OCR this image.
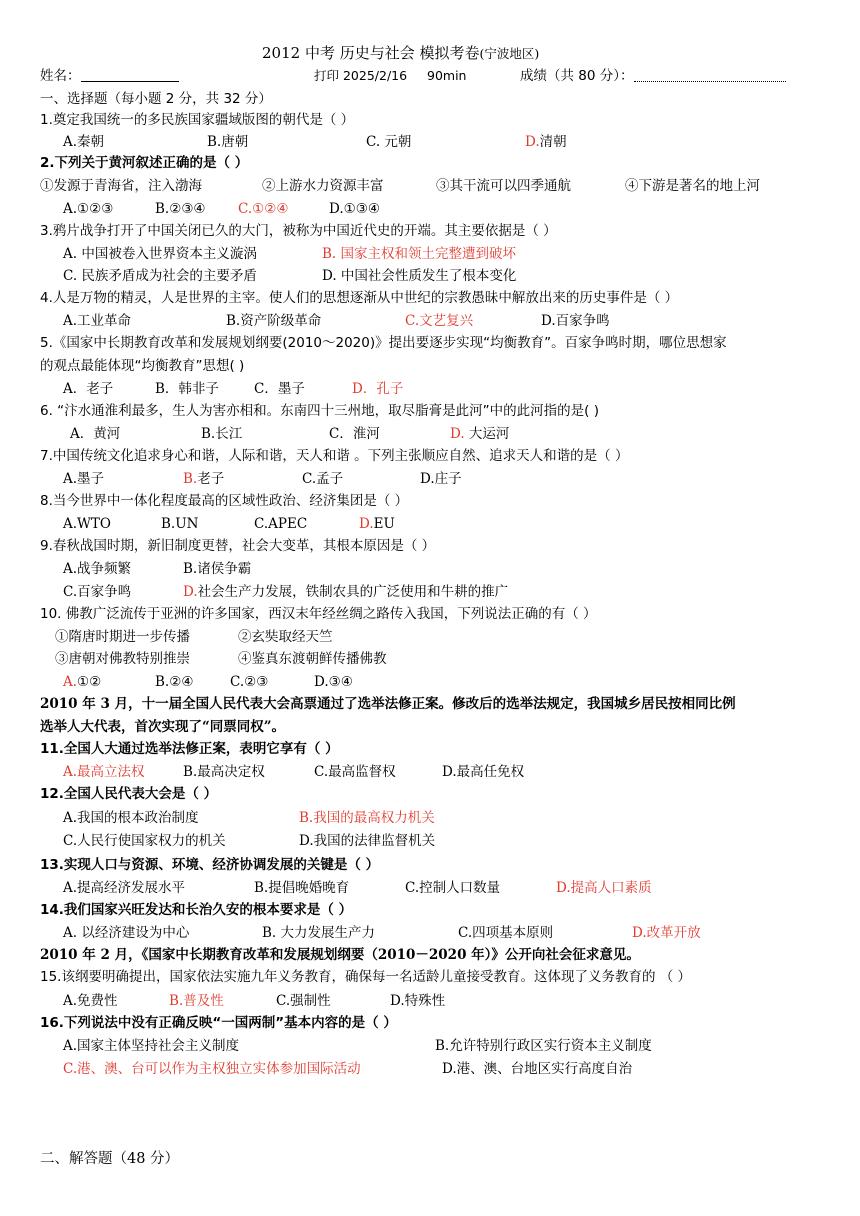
2012 中考 历史与社会 模拟考卷(宁波地区)
姓名：	打印 2025/2/16 90min	成绩（共 80 分）：
一、选择题（每小题 2 分，共 32 分）
1.奠定我国统一的多民族国家疆域版图的朝代是（ ）
A.秦朝	B.唐朝	C. 元朝	D.清朝
2.下列关于黄河叙述正确的是（ ）
①发源于青海省，注入渤海	②上游水力资源丰富	③其干流可以四季通航	④下游是著名的地上河
A.①②③	B.②③④ C.①②④	D.①③④
3.鸦片战争打开了中国关闭已久的大门，被称为中国近代史的开端。其主要依据是（ ）
A. 中国被卷入世界资本主义漩涡	B. 国家主权和领土完整遭到破坏
C. 民族矛盾成为社会的主要矛盾	D. 中国社会性质发生了根本变化
4.人是万物的精灵，人是世界的主宰。使人们的思想逐渐从中世纪的宗教愚昧中解放出来的历史事件是（ ）
A.工业革命	B.资产阶级革命	C.文艺复兴	D.百家争鸣
5.《国家中长期教育改革和发展规划纲要(2010～2020)》提出要逐步实现“均衡教育”。百家争鸣时期，哪位思想家
的观点最能体现“均衡教育”思想( )
A．老子	B．韩非子	C．墨子	D．孔子
6. “汴水通淮利最多，生人为害亦相和。东南四十三州地，取尽脂膏是此河”中的此河指的是( )
A．黄河	B.长江	C．淮河	D. 大运河
7.中国传统文化追求身心和谐，人际和谐，天人和谐 。下列主张顺应自然、追求天人和谐的是（ ）
A.墨子	B.老子	C.孟子	D.庄子
8.当今世界中一体化程度最高的区域性政治、经济集团是（ ）
A.WTO	B.UN	C.APEC	D.EU
9.春秋战国时期，新旧制度更替，社会大变革，其根本原因是（ ）
A.战争频繁	B.诸侯争霸
C.百家争鸣	D.社会生产力发展，铁制农具的广泛使用和牛耕的推广
10. 佛教广泛流传于亚洲的许多国家，西汉末年经丝绸之路传入我国，下列说法正确的有（ ）
①隋唐时期进一步传播	②玄奘取经天竺
③唐朝对佛教特别推崇	④鉴真东渡朝鲜传播佛教
A.①②	B.②④	C.②③	D.③④
2010 年 3 月，十一届全国人民代表大会高票通过了选举法修正案。修改后的选举法规定，我国城乡居民按相同比例
选举人大代表，首次实现了“同票同权”。
11.全国人大通过选举法修正案，表明它享有（ ）
A.最高立法权	B.最高决定权	C.最高监督权	D.最高任免权
12.全国人民代表大会是（ ）
A.我国的根本政治制度	B.我国的最高权力机关
C.人民行使国家权力的机关	D.我国的法律监督机关
13.实现人口与资源、环境、经济协调发展的关键是（ ）
A.提高经济发展水平	B.提倡晚婚晚育	C.控制人口数量	D.提高人口素质
14.我们国家兴旺发达和长治久安的根本要求是（ ）
A. 以经济建设为中心	B. 大力发展生产力	C.四项基本原则	D.改革开放
2010 年 2 月，《国家中长期教育改革和发展规划纲要（2010－2020 年）》公开向社会征求意见。
15.该纲要明确提出，国家依法实施九年义务教育，确保每一名适龄儿童接受教育。这体现了义务教育的 （ ）
A.免费性	B.普及性	C.强制性	D.特殊性
16.下列说法中没有正确反映“一国两制”基本内容的是（ ）
A.国家主体坚持社会主义制度	B.允许特别行政区实行资本主义制度
C.港、澳、台可以作为主权独立实体参加国际活动	D.港、澳、台地区实行高度自治
二、解答题（48 分）
